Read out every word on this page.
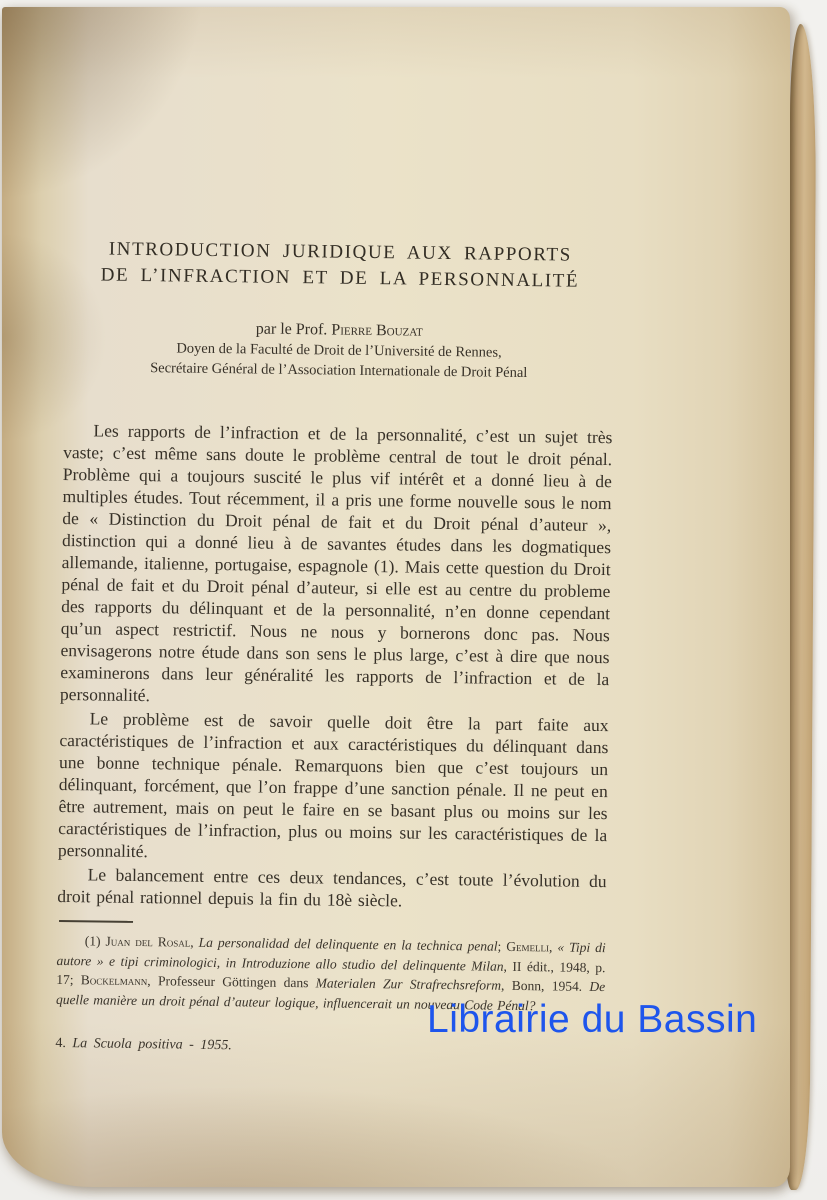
INTRODUCTION JURIDIQUE AUX RAPPORTS
DE L’INFRACTION ET DE LA PERSONNALITÉ
par le Prof. Pierre Bouzat
Doyen de la Faculté de Droit de l’Université de Rennes,
Secrétaire Général de l’Association Internationale de Droit Pénal

Les rapports de l’infraction et de la personnalité, c’est un sujet très vaste; c’est même sans doute le problème central de tout le droit pénal. Problème qui a toujours suscité le plus vif intérêt et a donné lieu à de multiples études. Tout récemment, il a pris une forme nouvelle sous le nom de « Distinction du Droit pénal de fait et du Droit pénal d’auteur », distinction qui a donné lieu à de savantes études dans les dogmatiques allemande, italienne, portugaise, espagnole (1). Mais cette question du Droit pénal de fait et du Droit pénal d’auteur, si elle est au centre du probleme des rapports du délinquant et de la personnalité, n’en donne cependant qu’un aspect restrictif. Nous ne nous y bornerons donc pas. Nous envisagerons notre étude dans son sens le plus large, c’est à dire que nous examinerons dans leur généralité les rapports de l’infraction et de la personnalité.

Le problème est de savoir quelle doit être la part faite aux caractéristiques de l’infraction et aux caractéristiques du délinquant dans une bonne technique pénale. Remarquons bien que c’est toujours un délinquant, forcément, que l’on frappe d’une sanction pénale. Il ne peut en être autrement, mais on peut le faire en se basant plus ou moins sur les caractéristiques de l’infraction, plus ou moins sur les caractéristiques de la personnalité.

Le balancement entre ces deux tendances, c’est toute l’évolution du droit pénal rationnel depuis la fin du 18è siècle.

(1) Juan del Rosal, La personalidad del delinquente en la technica penal; Gemelli, « Tipi di autore » e tipi criminologici, in Introduzione allo studio del delinquente Milan, II édit., 1948, p. 17; Bockelmann, Professeur Göttingen dans Materialen Zur Strafrechsreform, Bonn, 1954. De quelle manière un droit pénal d’auteur logique, influencerait un nouveau Code Pénal?

4. La Scuola positiva - 1955.
Librairie du Bassin
